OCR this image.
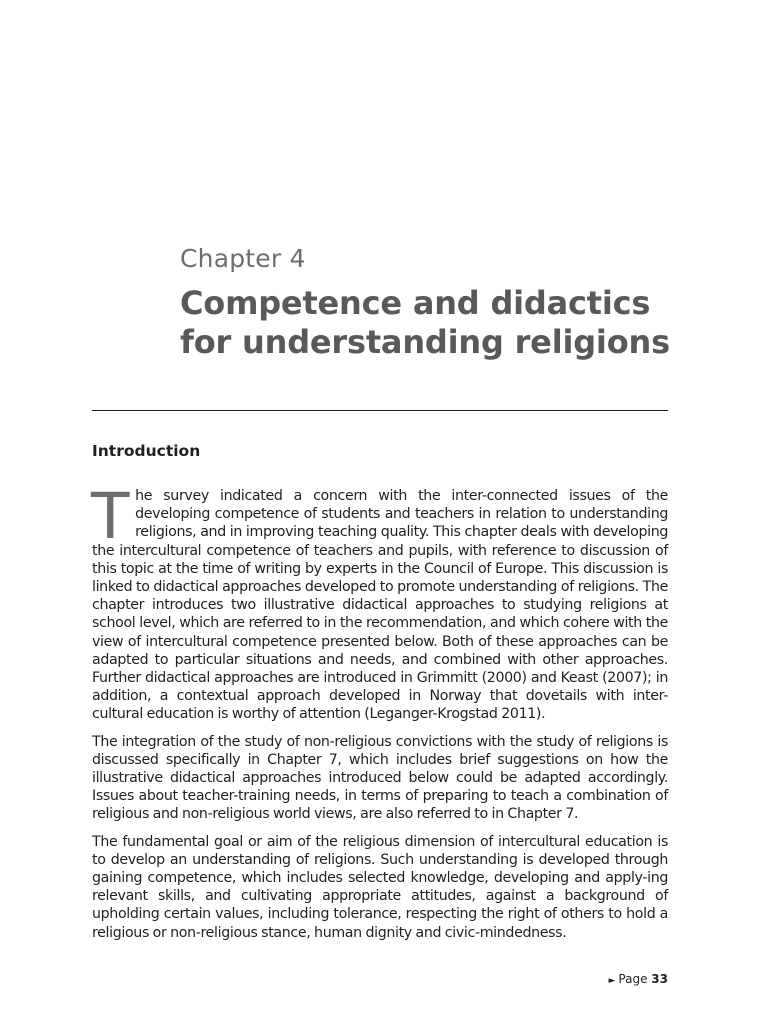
Chapter 4
Competence and didactics for understanding religions
Introduction

The survey indicated a concern with the inter-connected issues of the developing competence of students and teachers in relation to understanding religions, and in improving teaching quality. This chapter deals with developing the intercultural competence of teachers and pupils, with reference to discussion of this topic at the time of writing by experts in the Council of Europe. This discussion is linked to didactical approaches developed to promote understanding of religions. The chapter introduces two illustrative didactical approaches to studying religions at school level, which are referred to in the recommendation, and which cohere with the view of intercultural competence presented below. Both of these approaches can be adapted to particular situations and needs, and combined with other approaches. Further didactical approaches are introduced in Grimmitt (2000) and Keast (2007); in addition, a contextual approach developed in Norway that dovetails with inter-cultural education is worthy of attention (Leganger-Krogstad 2011).

The integration of the study of non-religious convictions with the study of religions is discussed specifically in Chapter 7, which includes brief suggestions on how the illustrative didactical approaches introduced below could be adapted accordingly. Issues about teacher-training needs, in terms of preparing to teach a combination of religious and non-religious world views, are also referred to in Chapter 7.

The fundamental goal or aim of the religious dimension of intercultural education is to develop an understanding of religions. Such understanding is developed through gaining competence, which includes selected knowledge, developing and apply-ing relevant skills, and cultivating appropriate attitudes, against a background of upholding certain values, including tolerance, respecting the right of others to hold a religious or non-religious stance, human dignity and civic-mindedness.

► Page 33
